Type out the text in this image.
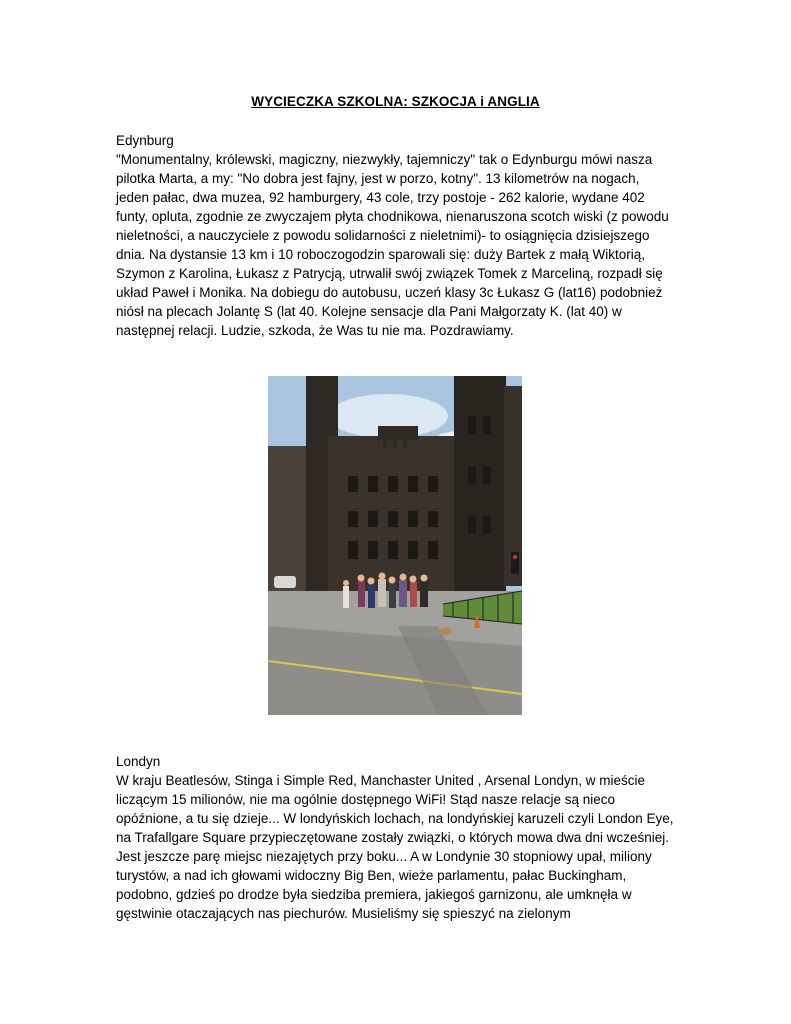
WYCIECZKA SZKOLNA: SZKOCJA i ANGLIA

Edynburg

"Monumentalny, królewski, magiczny, niezwykły, tajemniczy" tak o Edynburgu mówi nasza pilotka Marta, a my: "No dobra jest fajny, jest w porzo, kotny". 13 kilometrów na nogach, jeden pałac, dwa muzea, 92 hamburgery, 43 cole, trzy postoje - 262 kalorie, wydane 402 funty, opluta, zgodnie ze zwyczajem płyta chodnikowa, nienaruszona scotch wiski (z powodu nieletności, a nauczyciele z powodu solidarności z nieletnimi)- to osiągnięcia dzisiejszego dnia. Na dystansie 13 km i 10 roboczogodzin sparowali się: duży Bartek z małą Wiktorią, Szymon z Karolina, Łukasz z Patrycją, utrwalił swój związek Tomek z Marceliną, rozpadł się układ Paweł i Monika. Na dobiegu do autobusu, uczeń klasy 3c Łukasz G (lat16) podobnież niósł na plecach Jolantę S (lat 40. Kolejne sensacje dla Pani Małgorzaty K. (lat 40) w następnej relacji. Ludzie, szkoda, że Was tu nie ma. Pozdrawiamy.

Londyn

W kraju Beatlesów, Stinga i Simple Red, Manchaster United , Arsenal Londyn, w mieście liczącym 15 milionów, nie ma ogólnie dostępnego WiFi! Stąd nasze relacje są nieco opóźnione, a tu się dzieje... W londyńskich lochach, na londyńskiej karuzeli czyli London Eye, na Trafallgare Square przypieczętowane zostały związki, o których mowa dwa dni wcześniej. Jest jeszcze parę miejsc niezajętych przy boku... A w Londynie 30 stopniowy upał, miliony turystów, a nad ich głowami widoczny Big Ben, wieże parlamentu, pałac Buckingham, podobno, gdzieś po drodze była siedziba premiera, jakiegoś garnizonu, ale umknęła w gęstwinie otaczających nas piechurów. Musieliśmy się spieszyć na zielonym
